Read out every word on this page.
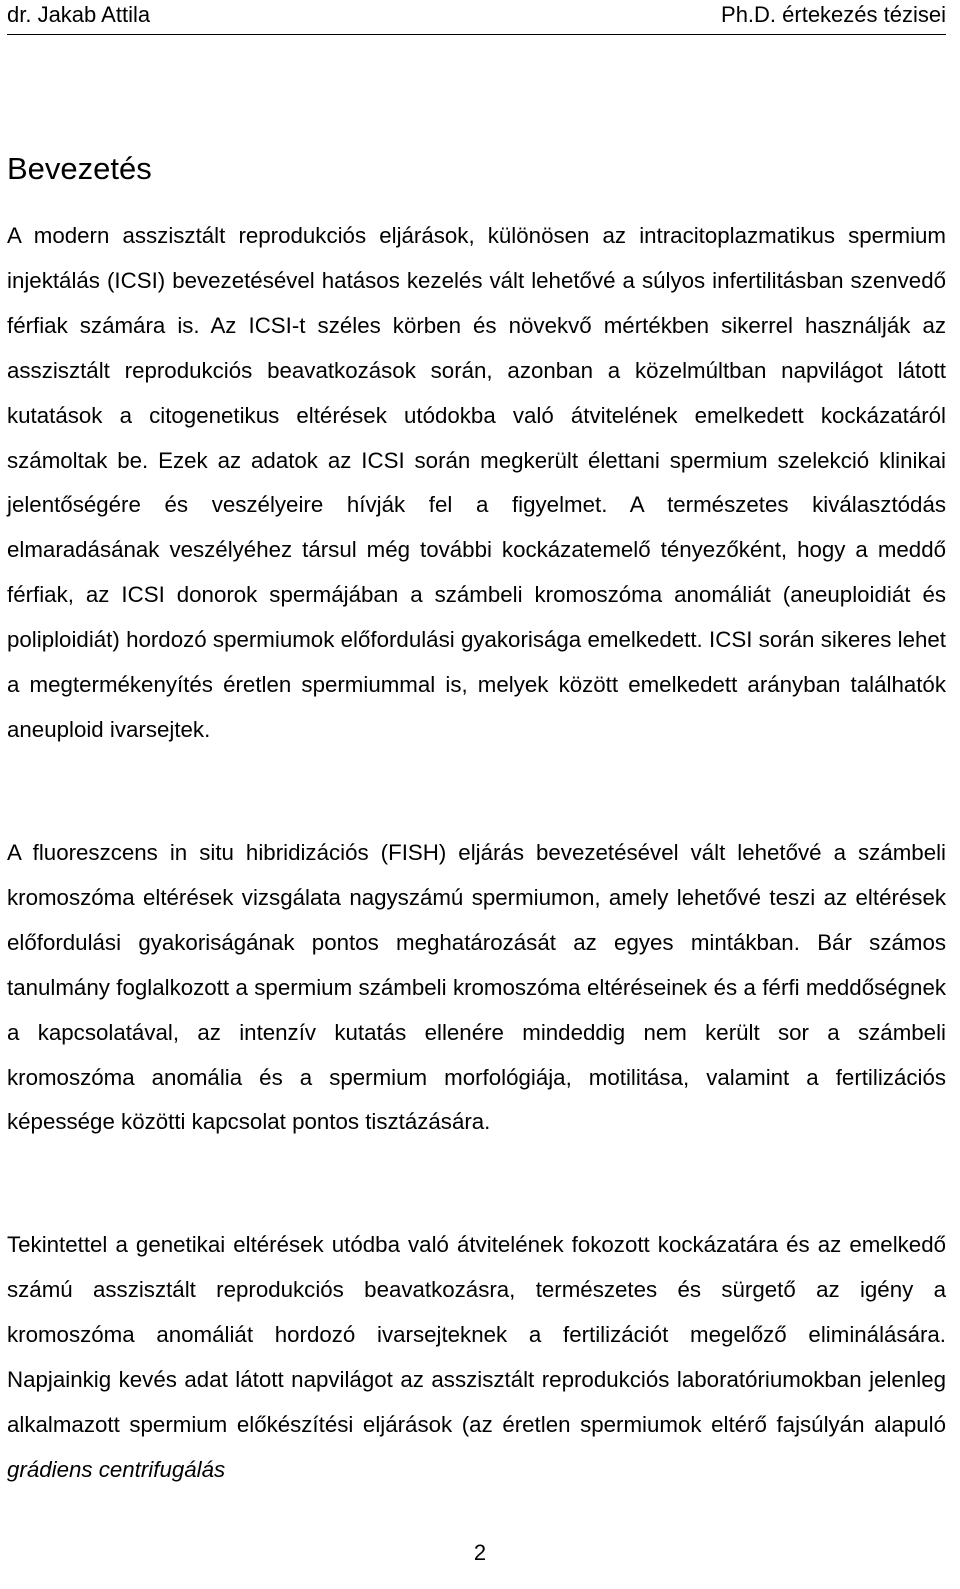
dr. Jakab Attila	Ph.D. értekezés tézisei
Bevezetés

A modern asszisztált reprodukciós eljárások, különösen az intracitoplazmatikus spermium injektálás (ICSI) bevezetésével hatásos kezelés vált lehetővé a súlyos infertilitásban szenvedő férfiak számára is. Az ICSI-t széles körben és növekvő mértékben sikerrel használják az asszisztált reprodukciós beavatkozások során, azonban a közelmúltban napvilágot látott kutatások a citogenetikus eltérések utódokba való átvitelének emelkedett kockázatáról számoltak be. Ezek az adatok az ICSI során megkerült élettani spermium szelekció klinikai jelentőségére és veszélyeire hívják fel a figyelmet. A természetes kiválasztódás elmaradásának veszélyéhez társul még további kockázatemelő tényezőként, hogy a meddő férfiak, az ICSI donorok spermájában a számbeli kromoszóma anomáliát (aneuploidiát és poliploidiát) hordozó spermiumok előfordulási gyakorisága emelkedett. ICSI során sikeres lehet a megtermékenyítés éretlen spermiummal is, melyek között emelkedett arányban találhatók aneuploid ivarsejtek.

A fluoreszcens in situ hibridizációs (FISH) eljárás bevezetésével vált lehetővé a számbeli kromoszóma eltérések vizsgálata nagyszámú spermiumon, amely lehetővé teszi az eltérések előfordulási gyakoriságának pontos meghatározását az egyes mintákban. Bár számos tanulmány foglalkozott a spermium számbeli kromoszóma eltéréseinek és a férfi meddőségnek a kapcsolatával, az intenzív kutatás ellenére mindeddig nem került sor a számbeli kromoszóma anomália és a spermium morfológiája, motilitása, valamint a fertilizációs képessége közötti kapcsolat pontos tisztázására.

Tekintettel a genetikai eltérések utódba való átvitelének fokozott kockázatára és az emelkedő számú asszisztált reprodukciós beavatkozásra, természetes és sürgető az igény a kromoszóma anomáliát hordozó ivarsejteknek a fertilizációt megelőző eliminálására. Napjainkig kevés adat látott napvilágot az asszisztált reprodukciós laboratóriumokban jelenleg alkalmazott spermium előkészítési eljárások (az éretlen spermiumok eltérő fajsúlyán alapuló grádiens centrifugálás

2
